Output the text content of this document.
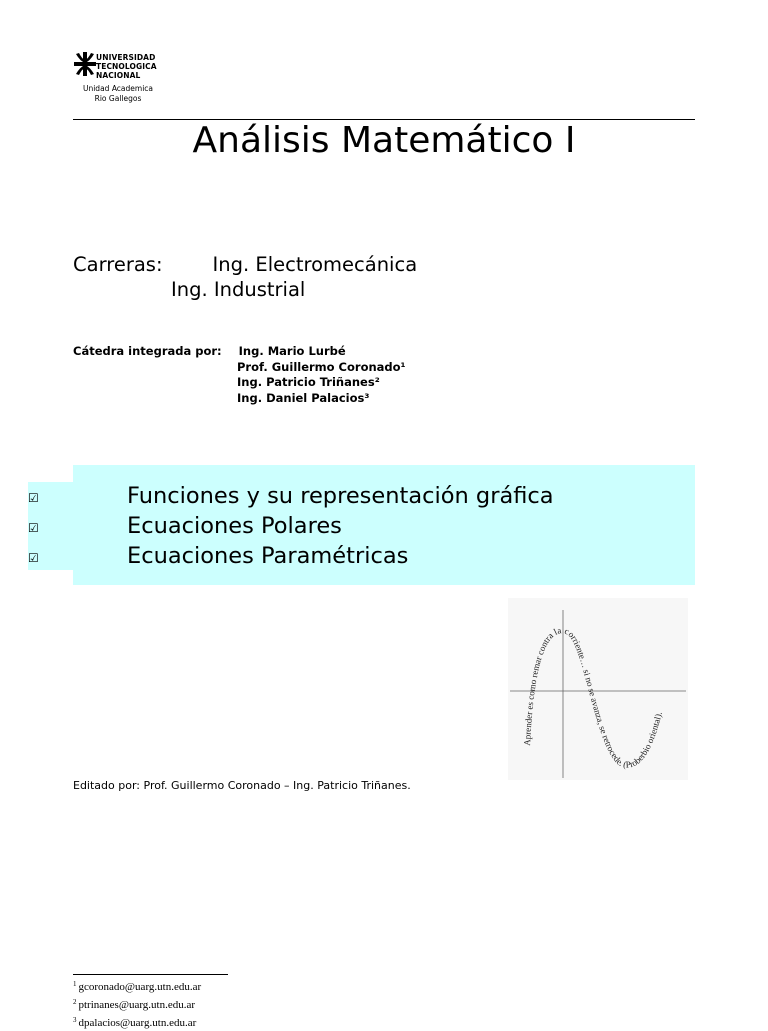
UNIVERSIDAD
TECNOLOGICA
NACIONAL
Unidad Academica
Rio Gallegos
Análisis Matemático I
Carreras:	Ing. Electromecánica
Ing. Industrial
Cátedra integrada por: Ing. Mario Lurbé
Prof. Guillermo Coronado¹
Ing. Patricio Triñanes²
Ing. Daniel Palacios³
☑	Funciones y su representación gráfica
☑	Ecuaciones Polares
☑	Ecuaciones Paramétricas
Aprender es como remar contra la corriente… si no se avanza, se retrocede. (Proberbio oriental).
Editado por: Prof. Guillermo Coronado – Ing. Patricio Triñanes.
$^1$ gcoronado@uarg.utn.edu.ar
$^2$ ptrinanes@uarg.utn.edu.ar
$^3$ dpalacios@uarg.utn.edu.ar
